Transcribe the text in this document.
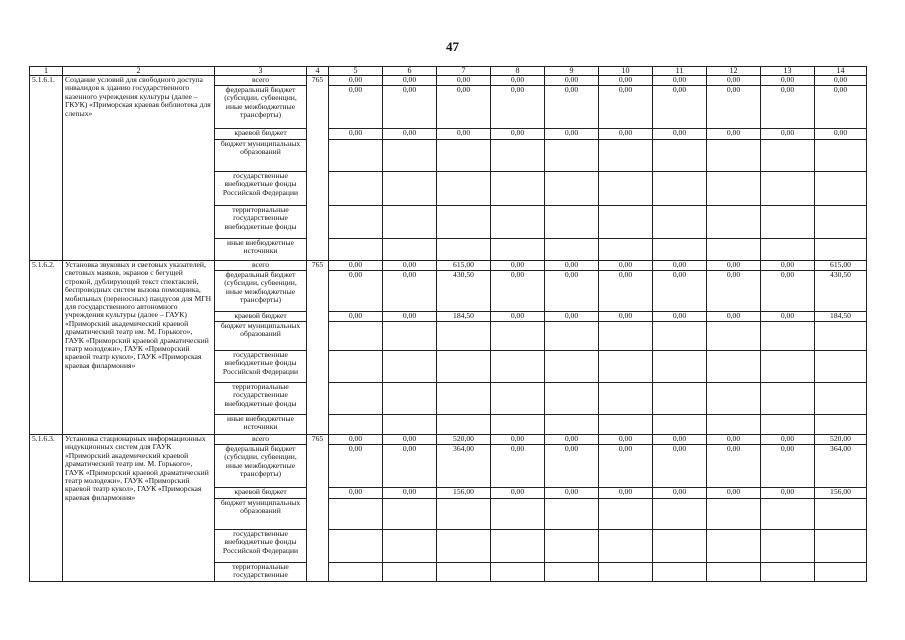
47
1	2	3	4	5	6	7	8	9	10	11	12	13	14
5.1.6.1.	Создание условий для свободного доступа инвалидов к зданию государственного казенного учреждения культуры (далее – ГКУК) «Приморская краевая библиотека для слепых»	всего	765	0,00	0,00	0,00	0,00	0,00	0,00	0,00	0,00	0,00	0,00
		федеральный бюджет (субсидии, субвенции, иные межбюджетные трансферты)		0,00	0,00	0,00	0,00	0,00	0,00	0,00	0,00	0,00	0,00
		краевой бюджет		0,00	0,00	0,00	0,00	0,00	0,00	0,00	0,00	0,00	0,00
		бюджет муниципальных образований											
		государственные внебюджетные фонды Российской Федерации											
		территориальные государственные внебюджетные фонды											
		иные внебюджетные источники											
5.1.6.2.	Установка звуковых и световых указателей, световых маяков, экранов с бегущей строкой, дублирующей текст спектаклей, беспроводных систем вызова помощника, мобильных (переносных) пандусов для МГН для государственного автономного учреждения культуры (далее – ГАУК) «Приморский академический краевой драматический театр им. М. Горького», ГАУК «Приморский краевой драматический театр молодежи», ГАУК «Приморский краевой театр кукол», ГАУК «Приморская краевая филармония»	всего	765	0,00	0,00	615,00	0,00	0,00	0,00	0,00	0,00	0,00	615,00
		федеральный бюджет (субсидии, субвенции, иные межбюджетные трансферты)		0,00	0,00	430,50	0,00	0,00	0,00	0,00	0,00	0,00	430,50
		краевой бюджет		0,00	0,00	184,50	0,00	0,00	0,00	0,00	0,00	0,00	184,50
		бюджет муниципальных образований											
		государственные внебюджетные фонды Российской Федерации											
		территориальные государственные внебюджетные фонды											
		иные внебюджетные источники											
5.1.6.3.	Установка стационарных информационных индукционных систем для ГАУК «Приморский академический краевой драматический театр им. М. Горького», ГАУК «Приморский краевой драматический театр молодежи», ГАУК «Приморский краевой театр кукол», ГАУК «Приморская краевая филармония»	всего	765	0,00	0,00	520,00	0,00	0,00	0,00	0,00	0,00	0,00	520,00
		федеральный бюджет (субсидии, субвенции, иные межбюджетные трансферты)		0,00	0,00	364,00	0,00	0,00	0,00	0,00	0,00	0,00	364,00
		краевой бюджет		0,00	0,00	156,00	0,00	0,00	0,00	0,00	0,00	0,00	156,00
		бюджет муниципальных образований											
		государственные внебюджетные фонды Российской Федерации											
		территориальные государственные											
